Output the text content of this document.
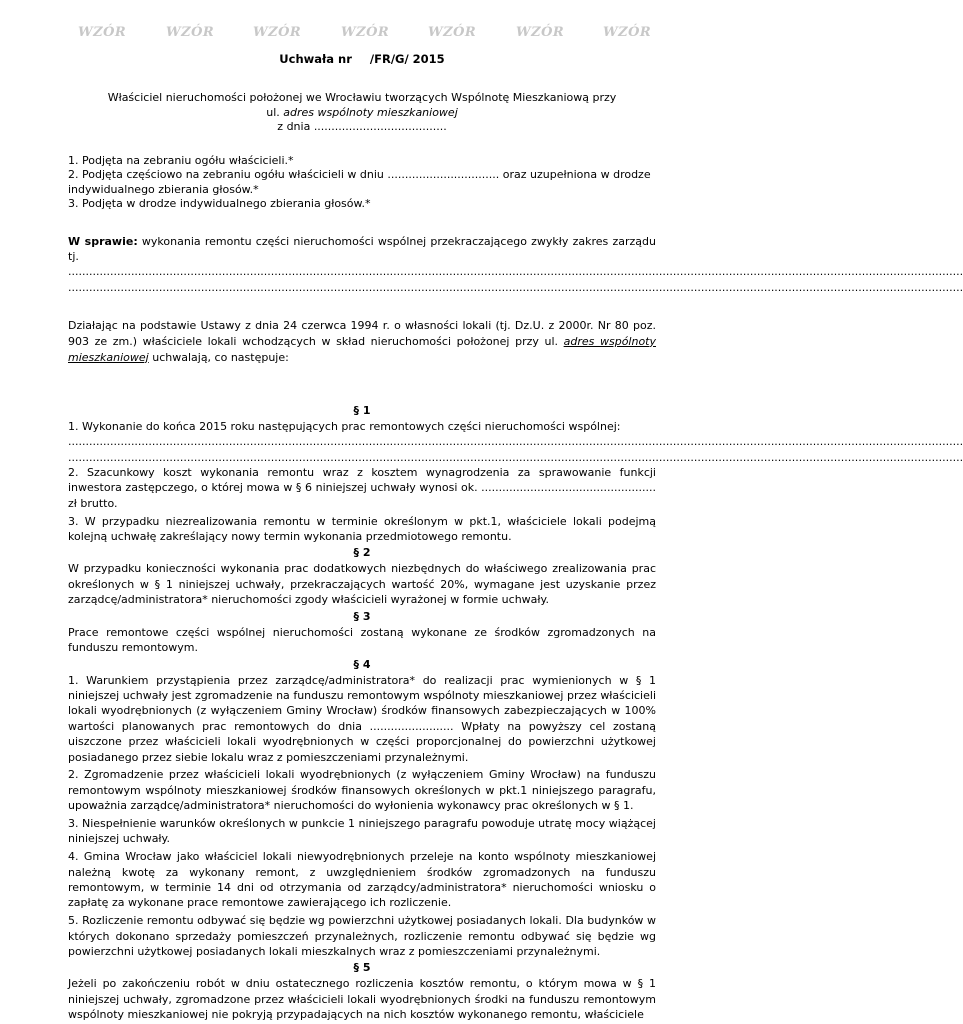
WZÓR	WZÓR	WZÓR	WZÓR	WZÓR	WZÓR	WZÓR
Uchwała nr /FR/G/ 2015
Właściciel nieruchomości położonej we Wrocławiu tworzących Wspólnotę Mieszkaniową przy
ul. adres wspólnoty mieszkaniowej
z dnia ......................................
1. Podjęta na zebraniu ogółu właścicieli.*
2. Podjęta częściowo na zebraniu ogółu właścicieli w dniu ................................ oraz uzupełniona w drodze
indywidualnego zbierania głosów.*
3. Podjęta w drodze indywidualnego zbierania głosów.*
W sprawie: wykonania remontu części nieruchomości wspólnej przekraczającego zwykły zakres zarządu tj.
................................................................................................................................................................................................................................................................
................................................................................................................................................................................................................................................................
Działając na podstawie Ustawy z dnia 24 czerwca 1994 r. o własności lokali (tj. Dz.U. z 2000r. Nr 80 poz. 903 ze zm.) właściciele lokali wchodzących w skład nieruchomości położonej przy ul. adres wspólnoty mieszkaniowej uchwalają, co następuje:
§ 1

1. Wykonanie do końca 2015 roku następujących prac remontowych części nieruchomości wspólnej:

................................................................................................................................................................................................................................................................
................................................................................................................................................................................................................................................................

2. Szacunkowy koszt wykonania remontu wraz z kosztem wynagrodzenia za sprawowanie funkcji inwestora zastępczego, o której mowa w § 6 niniejszej uchwały wynosi ok. .................................................. zł brutto.

3. W przypadku niezrealizowania remontu w terminie określonym w pkt.1, właściciele lokali podejmą kolejną uchwałę zakreślający nowy termin wykonania przedmiotowego remontu.

§ 2

W przypadku konieczności wykonania prac dodatkowych niezbędnych do właściwego zrealizowania prac określonych w § 1 niniejszej uchwały, przekraczających wartość 20%, wymagane jest uzyskanie przez zarządcę/administratora* nieruchomości zgody właścicieli wyrażonej w formie uchwały.

§ 3

Prace remontowe części wspólnej nieruchomości zostaną wykonane ze środków zgromadzonych na funduszu remontowym.

§ 4

1. Warunkiem przystąpienia przez zarządcę/administratora* do realizacji prac wymienionych w § 1 niniejszej uchwały jest zgromadzenie na funduszu remontowym wspólnoty mieszkaniowej przez właścicieli lokali wyodrębnionych (z wyłączeniem Gminy Wrocław) środków finansowych zabezpieczających w 100% wartości planowanych prac remontowych do dnia ........................ Wpłaty na powyższy cel zostaną uiszczone przez właścicieli lokali wyodrębnionych w części proporcjonalnej do powierzchni użytkowej posiadanego przez siebie lokalu wraz z pomieszczeniami przynależnymi.

2. Zgromadzenie przez właścicieli lokali wyodrębnionych (z wyłączeniem Gminy Wrocław) na funduszu remontowym wspólnoty mieszkaniowej środków finansowych określonych w pkt.1 niniejszego paragrafu, upoważnia zarządcę/administratora* nieruchomości do wyłonienia wykonawcy prac określonych w § 1.

3. Niespełnienie warunków określonych w punkcie 1 niniejszego paragrafu powoduje utratę mocy wiążącej niniejszej uchwały.

4. Gmina Wrocław jako właściciel lokali niewyodrębnionych przeleje na konto wspólnoty mieszkaniowej należną kwotę za wykonany remont, z uwzględnieniem środków zgromadzonych na funduszu remontowym, w terminie 14 dni od otrzymania od zarządcy/administratora* nieruchomości wniosku o zapłatę za wykonane prace remontowe zawierającego ich rozliczenie.

5. Rozliczenie remontu odbywać się będzie wg powierzchni użytkowej posiadanych lokali. Dla budynków w których dokonano sprzedaży pomieszczeń przynależnych, rozliczenie remontu odbywać się będzie wg powierzchni użytkowej posiadanych lokali mieszkalnych wraz z pomieszczeniami przynależnymi.

§ 5

Jeżeli po zakończeniu robót w dniu ostatecznego rozliczenia kosztów remontu, o którym mowa w § 1 niniejszej uchwały, zgromadzone przez właścicieli lokali wyodrębnionych środki na funduszu remontowym wspólnoty mieszkaniowej nie pokryją przypadających na nich kosztów wykonanego remontu, właściciele
